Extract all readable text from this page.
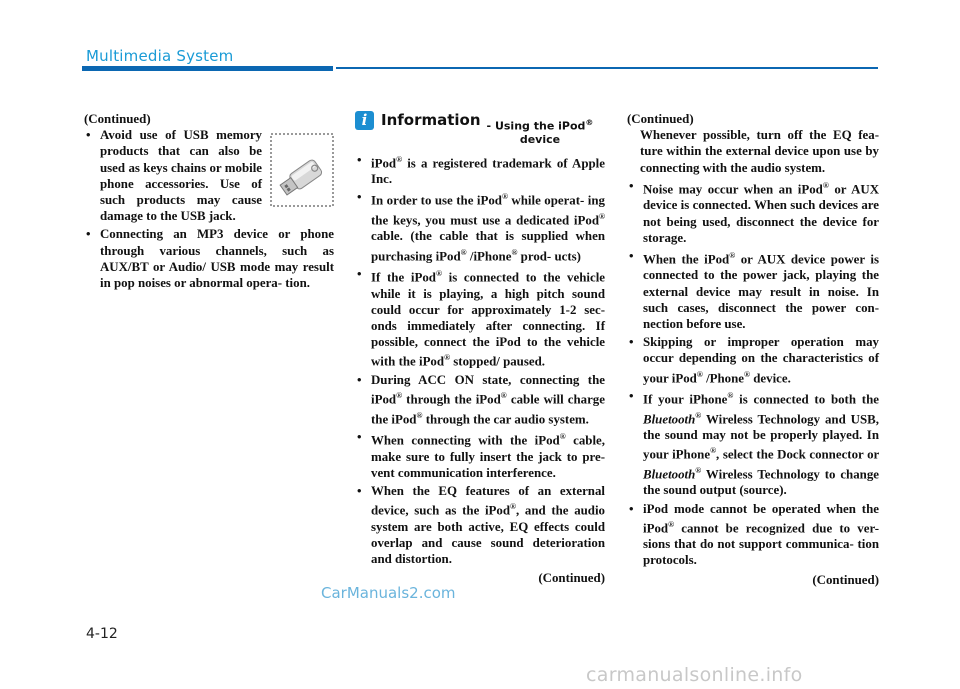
Multimedia System

(Continued)

• Avoid use of USB memory products that can also be used as keys chains or mobile phone accessories. Use of such products may cause damage to the USB jack.
• Connecting an MP3 device or phone through various channels, such as AUX/BT or Audio/ USB mode may result in pop noises or abnormal opera- tion.
i Information - Using the iPod®
device
• iPod® is a registered trademark of Apple Inc.
• In order to use the iPod® while operat- ing the keys, you must use a dedicated iPod® cable. (the cable that is supplied when purchasing iPod® /iPhone® prod- ucts)
• If the iPod® is connected to the vehicle while it is playing, a high pitch sound could occur for approximately 1-2 sec- onds immediately after connecting. If possible, connect the iPod to the vehicle with the iPod® stopped/ paused.
• During ACC ON state, connecting the iPod® through the iPod® cable will charge the iPod® through the car audio system.
• When connecting with the iPod® cable, make sure to fully insert the jack to pre- vent communication interference.
• When the EQ features of an external device, such as the iPod®, and the audio system are both active, EQ effects could overlap and cause sound deterioration and distortion.

(Continued)

(Continued)

Whenever possible, turn off the EQ fea- ture within the external device upon use by connecting with the audio system.

• Noise may occur when an iPod® or AUX device is connected. When such devices are not being used, disconnect the device for storage.
• When the iPod® or AUX device power is connected to the power jack, playing the external device may result in noise. In such cases, disconnect the power con- nection before use.
• Skipping or improper operation may occur depending on the characteristics of your iPod® /Phone® device.
• If your iPhone® is connected to both the Bluetooth® Wireless Technology and USB, the sound may not be properly played. In your iPhone®, select the Dock connector or Bluetooth® Wireless Technology to change the sound output (source).
• iPod mode cannot be operated when the iPod® cannot be recognized due to ver- sions that do not support communica- tion protocols.

(Continued)

CarManuals2.com
4-12
carmanualsonline.info
